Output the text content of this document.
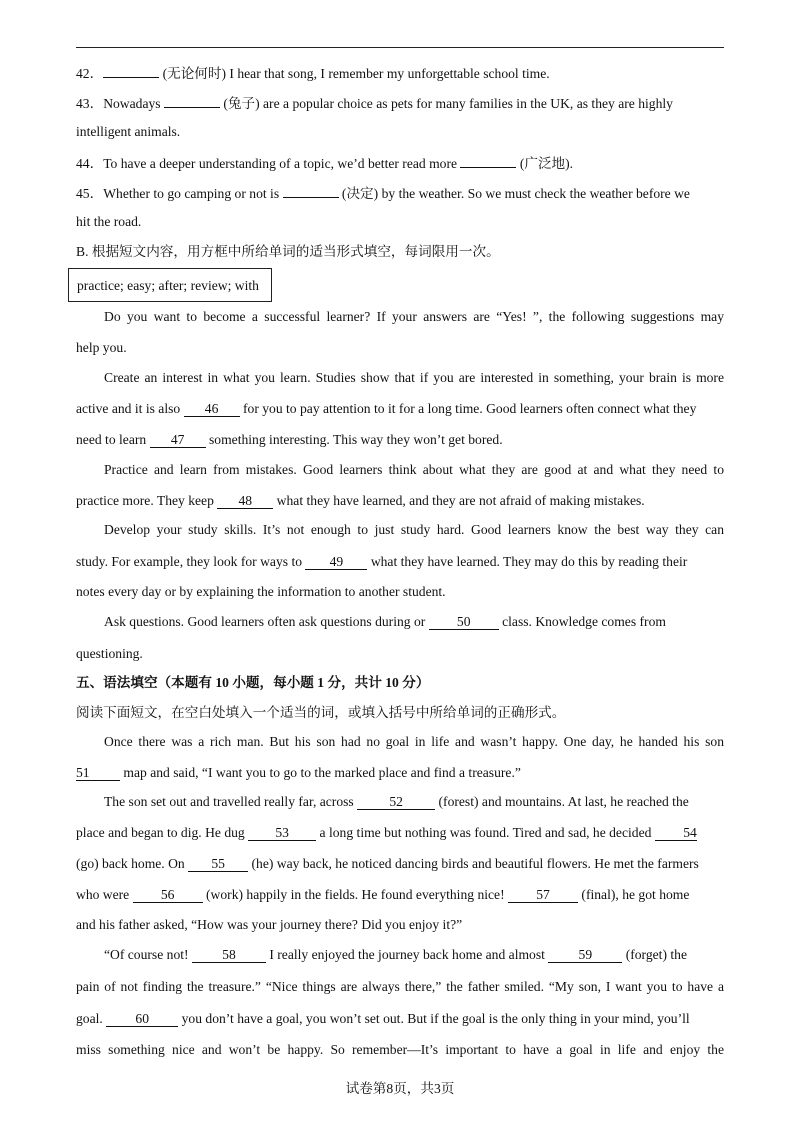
42．	(无论何时) I hear that song, I remember my unforgettable school time.
43．Nowadays	(兔子) are a popular choice as pets for many families in the UK, as they are highly
intelligent animals.
44．To have a deeper understanding of a topic, we’d better read more	(广泛地).
45．Whether to go camping or not is	(决定) by the weather. So we must check the weather before we
hit the road.
B. 根据短文内容，用方框中所给单词的适当形式填空，每词限用一次。
practice; easy; after; review; with
Do you want to become a successful learner? If your answers are “Yes! ”, the following suggestions may
help you.
Create an interest in what you learn. Studies show that if you are interested in something, your brain is more
active and it is also 46 for you to pay attention to it for a long time. Good learners often connect what they
need to learn 47 something interesting. This way they won’t get bored.
Practice and learn from mistakes. Good learners think about what they are good at and what they need to
practice more. They keep 48 what they have learned, and they are not afraid of making mistakes.
Develop your study skills. It’s not enough to just study hard. Good learners know the best way they can
study. For example, they look for ways to 49 what they have learned. They may do this by reading their
notes every day or by explaining the information to another student.
Ask questions. Good learners often ask questions during or 50 class. Knowledge comes from
questioning.
五、语法填空（本题有 10 小题，每小题 1 分，共计 10 分）
阅读下面短文，在空白处填入一个适当的词，或填入括号中所给单词的正确形式。
Once there was a rich man. But his son had no goal in life and wasn’t happy. One day, he handed his son
51 map and said, “I want you to go to the marked place and find a treasure.”
The son set out and travelled really far, across 52 (forest) and mountains. At last, he reached the
place and began to dig. He dug 53 a long time but nothing was found. Tired and sad, he decided 54
(go) back home. On 55 (he) way back, he noticed dancing birds and beautiful flowers. He met the farmers
who were 56 (work) happily in the fields. He found everything nice! 57 (final), he got home
and his father asked, “How was your journey there? Did you enjoy it?”
“Of course not! 58 I really enjoyed the journey back home and almost 59 (forget) the
pain of not finding the treasure.” “Nice things are always there,” the father smiled. “My son, I want you to have a
goal. 60 you don’t have a goal, you won’t set out. But if the goal is the only thing in your mind, you’ll
miss something nice and won’t be happy. So remember—It’s important to have a goal in life and enjoy the
试卷第8页，共3页
